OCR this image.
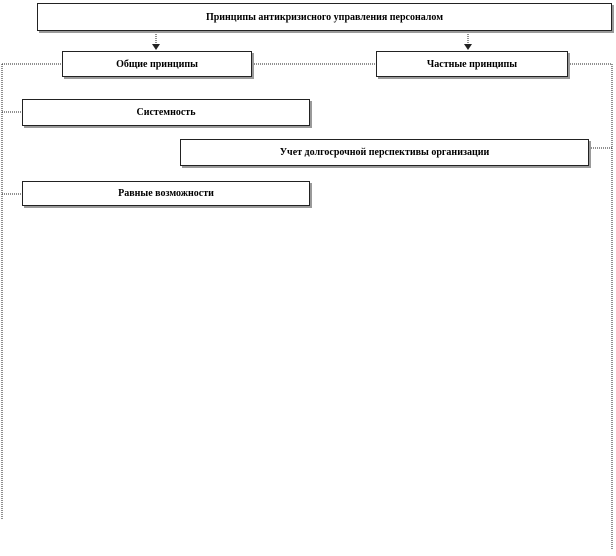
Принципы антикризисного управления персоналом
Общие принципы	Частные принципы
Системность
Учет долгосрочной перспективы организации
Равные возможности
